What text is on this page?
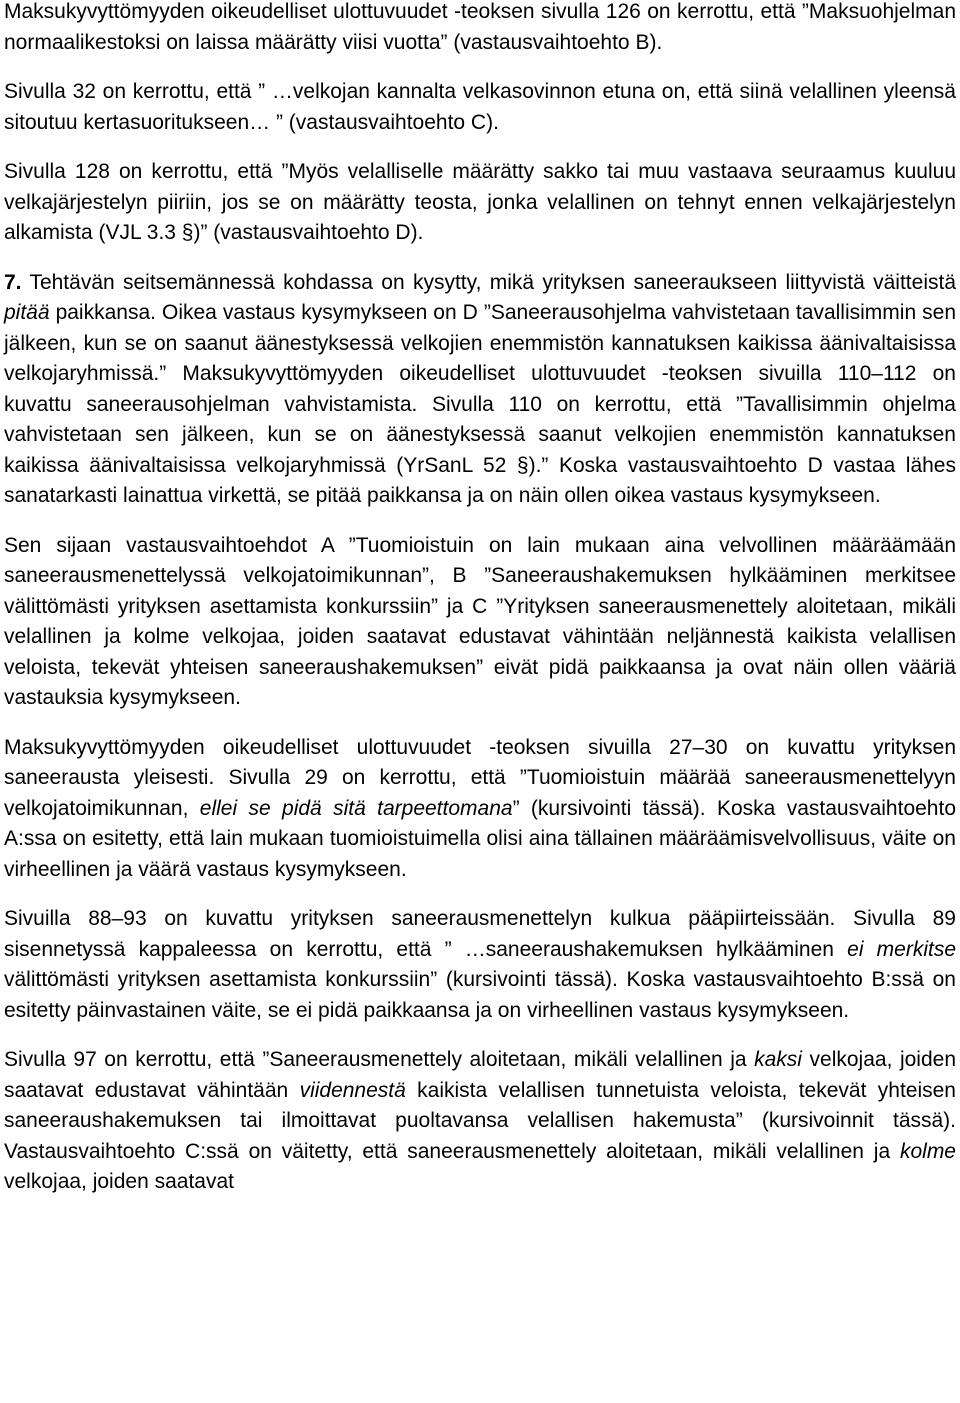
Maksukyvyttömyyden oikeudelliset ulottuvuudet -teoksen sivulla 126 on kerrottu, että ”Maksuohjelman normaalikestoksi on laissa määrätty viisi vuotta” (vastausvaihtoehto B).

Sivulla 32 on kerrottu, että ” …velkojan kannalta velkasovinnon etuna on, että siinä velallinen yleensä sitoutuu kertasuoritukseen… ” (vastausvaihtoehto C).

Sivulla 128 on kerrottu, että ”Myös velalliselle määrätty sakko tai muu vastaava seuraamus kuuluu velkajärjestelyn piiriin, jos se on määrätty teosta, jonka velallinen on tehnyt ennen velkajärjestelyn alkamista (VJL 3.3 §)” (vastausvaihtoehto D).

7. Tehtävän seitsemännessä kohdassa on kysytty, mikä yrityksen saneeraukseen liittyvistä väitteistä pitää paikkansa. Oikea vastaus kysymykseen on D ”Saneerausohjelma vahvistetaan tavallisimmin sen jälkeen, kun se on saanut äänestyksessä velkojien enemmistön kannatuksen kaikissa äänivaltaisissa velkojaryhmissä.” Maksukyvyttömyyden oikeudelliset ulottuvuudet -teoksen sivuilla 110–112 on kuvattu saneerausohjelman vahvistamista. Sivulla 110 on kerrottu, että ”Tavallisimmin ohjelma vahvistetaan sen jälkeen, kun se on äänestyksessä saanut velkojien enemmistön kannatuksen kaikissa äänivaltaisissa velkojaryhmissä (YrSanL 52 §).” Koska vastausvaihtoehto D vastaa lähes sanatarkasti lainattua virkettä, se pitää paikkansa ja on näin ollen oikea vastaus kysymykseen.

Sen sijaan vastausvaihtoehdot A ”Tuomioistuin on lain mukaan aina velvollinen määräämään saneerausmenettelyssä velkojatoimikunnan”, B ”Saneeraushakemuksen hylkääminen merkitsee välittömästi yrityksen asettamista konkurssiin” ja C ”Yrityksen saneerausmenettely aloitetaan, mikäli velallinen ja kolme velkojaa, joiden saatavat edustavat vähintään neljännestä kaikista velallisen veloista, tekevät yhteisen saneeraushakemuksen” eivät pidä paikkaansa ja ovat näin ollen vääriä vastauksia kysymykseen.

Maksukyvyttömyyden oikeudelliset ulottuvuudet -teoksen sivuilla 27–30 on kuvattu yrityksen saneerausta yleisesti. Sivulla 29 on kerrottu, että ”Tuomioistuin määrää saneerausmenettelyyn velkojatoimikunnan, ellei se pidä sitä tarpeettomana” (kursivointi tässä). Koska vastausvaihtoehto A:ssa on esitetty, että lain mukaan tuomioistuimella olisi aina tällainen määräämisvelvollisuus, väite on virheellinen ja väärä vastaus kysymykseen.

Sivuilla 88–93 on kuvattu yrityksen saneerausmenettelyn kulkua pääpiirteissään. Sivulla 89 sisennetyssä kappaleessa on kerrottu, että ” …saneeraushakemuksen hylkääminen ei merkitse välittömästi yrityksen asettamista konkurssiin” (kursivointi tässä). Koska vastausvaihtoehto B:ssä on esitetty päinvastainen väite, se ei pidä paikkaansa ja on virheellinen vastaus kysymykseen.

Sivulla 97 on kerrottu, että ”Saneerausmenettely aloitetaan, mikäli velallinen ja kaksi velkojaa, joiden saatavat edustavat vähintään viidennestä kaikista velallisen tunnetuista veloista, tekevät yhteisen saneeraushakemuksen tai ilmoittavat puoltavansa velallisen hakemusta” (kursivoinnit tässä). Vastausvaihtoehto C:ssä on väitetty, että saneerausmenettely aloitetaan, mikäli velallinen ja kolme velkojaa, joiden saatavat
